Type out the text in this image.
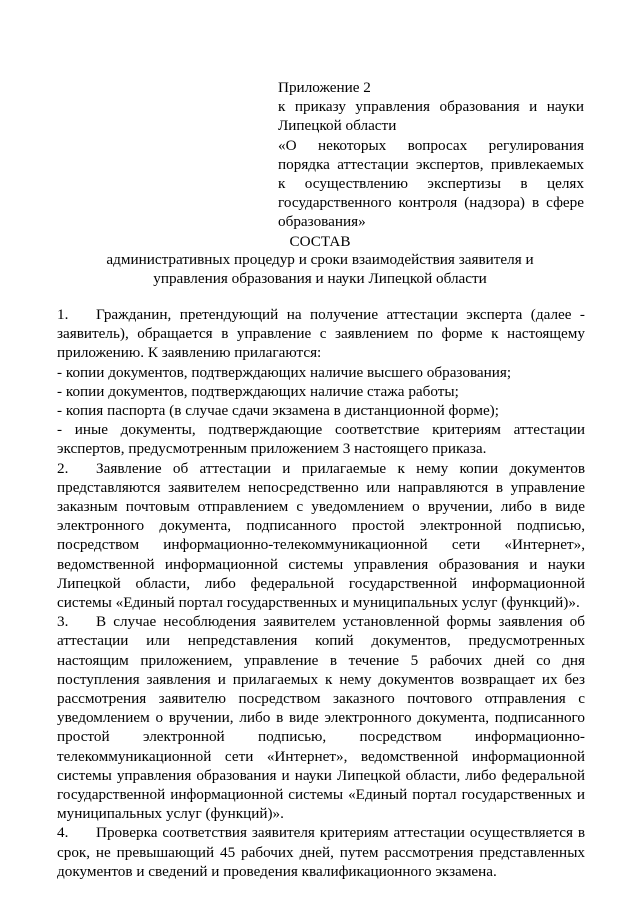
Приложение 2

к приказу управления образования и науки Липецкой области

«О некоторых вопросах регулирования порядка аттестации экспертов, привлекаемых к осуществлению экспертизы в целях государственного контроля (надзора) в сфере образования»

СОСТАВ
административных процедур и сроки взаимодействия заявителя и управления образования и науки Липецкой области

1. Гражданин, претендующий на получение аттестации эксперта (далее - заявитель), обращается в управление с заявлением по форме к настоящему приложению. К заявлению прилагаются:

- копии документов, подтверждающих наличие высшего образования;

- копии документов, подтверждающих наличие стажа работы;

- копия паспорта (в случае сдачи экзамена в дистанционной форме);

- иные документы, подтверждающие соответствие критериям аттестации экспертов, предусмотренным приложением 3 настоящего приказа.

2. Заявление об аттестации и прилагаемые к нему копии документов представляются заявителем непосредственно или направляются в управление заказным почтовым отправлением с уведомлением о вручении, либо в виде электронного документа, подписанного простой электронной подписью, посредством информационно-телекоммуникационной сети «Интернет», ведомственной информационной системы управления образования и науки Липецкой области, либо федеральной государственной информационной системы «Единый портал государственных и муниципальных услуг (функций)».

3. В случае несоблюдения заявителем установленной формы заявления об аттестации или непредставления копий документов, предусмотренных настоящим приложением, управление в течение 5 рабочих дней со дня поступления заявления и прилагаемых к нему документов возвращает их без рассмотрения заявителю посредством заказного почтового отправления с уведомлением о вручении, либо в виде электронного документа, подписанного простой электронной подписью, посредством информационно-телекоммуникационной сети «Интернет», ведомственной информационной системы управления образования и науки Липецкой области, либо федеральной государственной информационной системы «Единый портал государственных и муниципальных услуг (функций)».

4. Проверка соответствия заявителя критериям аттестации осуществляется в срок, не превышающий 45 рабочих дней, путем рассмотрения представленных документов и сведений и проведения квалификационного экзамена.
